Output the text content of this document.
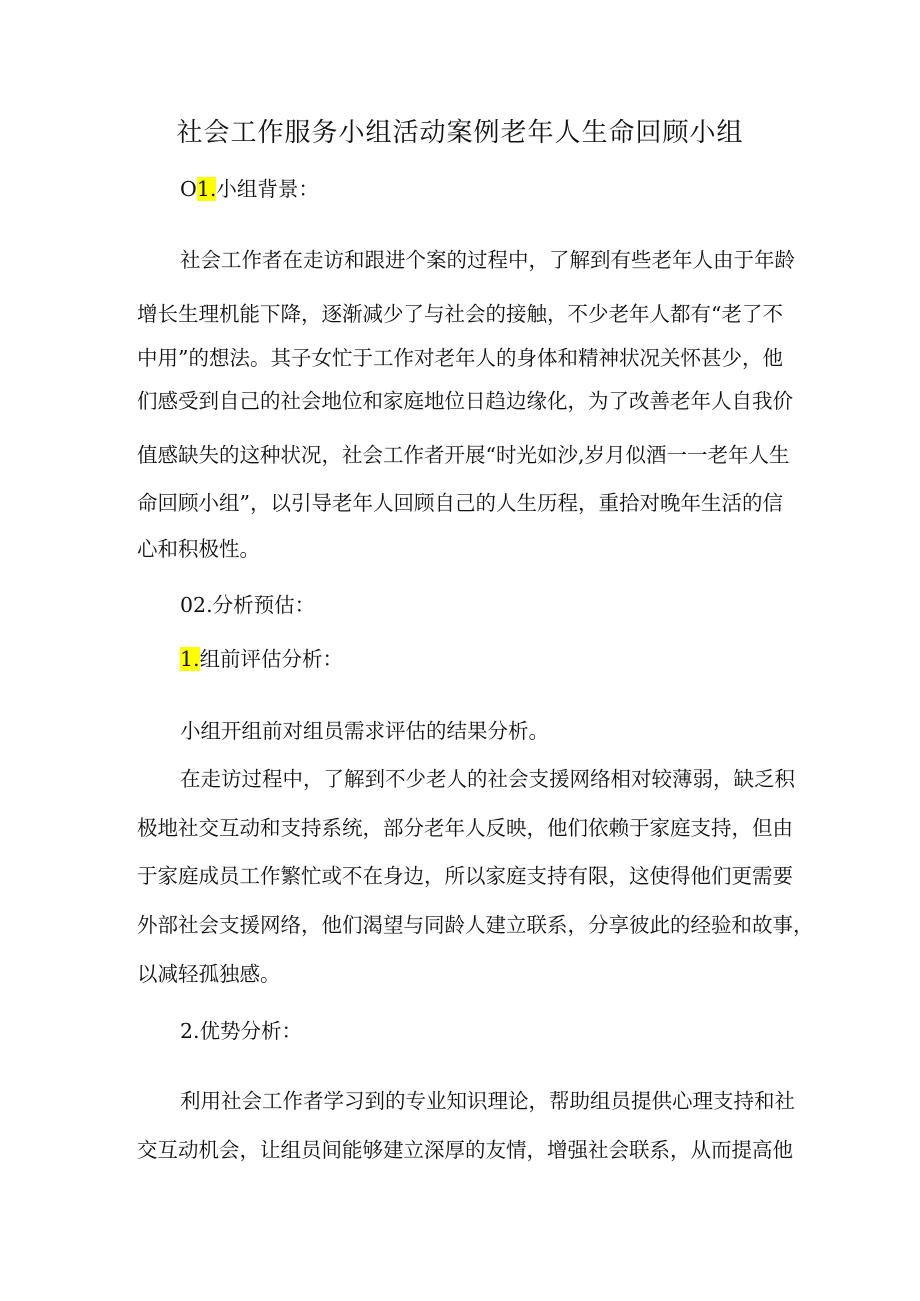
社会工作服务小组活动案例老年人生命回顾小组
O1.小组背景：
社会工作者在走访和跟进个案的过程中，了解到有些老年人由于年龄
增长生理机能下降，逐渐减少了与社会的接触，不少老年人都有“老了不
中用”的想法。其子女忙于工作对老年人的身体和精神状况关怀甚少，他
们感受到自己的社会地位和家庭地位日趋边缘化，为了改善老年人自我价
值感缺失的这种状况，社会工作者开展“时光如沙,岁月似酒一一老年人生
命回顾小组”，以引导老年人回顾自己的人生历程，重拾对晚年生活的信
心和积极性。
02.分析预估：
1.组前评估分析：
小组开组前对组员需求评估的结果分析。
在走访过程中，了解到不少老人的社会支援网络相对较薄弱，缺乏积
极地社交互动和支持系统，部分老年人反映，他们依赖于家庭支持，但由
于家庭成员工作繁忙或不在身边，所以家庭支持有限，这使得他们更需要
外部社会支援网络，他们渴望与同龄人建立联系，分享彼此的经验和故事，
以减轻孤独感。
2.优势分析：
利用社会工作者学习到的专业知识理论，帮助组员提供心理支持和社
交互动机会，让组员间能够建立深厚的友情，增强社会联系，从而提高他
